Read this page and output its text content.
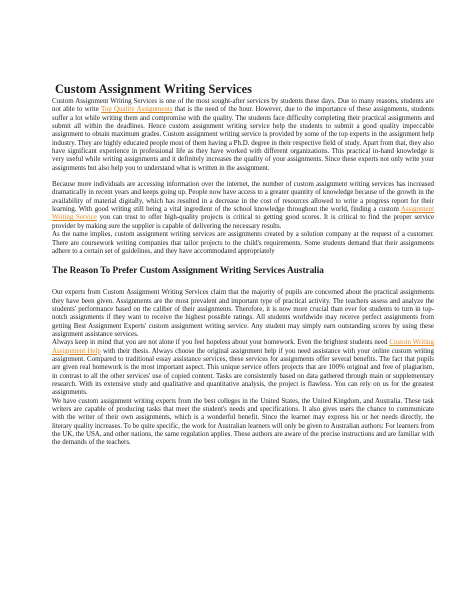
Custom Assignment Writing Services

Custom Assignment Writing Services is one of the most sought-after services by students these days. Due to many reasons, students are not able to write Top Quality Assignments that is the need of the hour. However, due to the importance of these assignments, students suffer a lot while writing them and compromise with the quality. The students face difficulty completing their practical assignments and submit all within the deadlines. Hence custom assignment writing service help the students to submit a good quality impeccable assignment to obtain maximum grades. Custom assignment writing service is provided by some of the top experts in the assignment help industry. They are highly educated people most of them having a Ph.D. degree in their respective field of study. Apart from that, they also have significant experience in professional life as they have worked with different organizations. This practical in-hand knowledge is very useful while writing assignments and it definitely increases the quality of your assignments. Since these experts not only write your assignments but also help you to understand what is written in the assignment.

Because more individuals are accessing information over the internet, the number of custom assignment writing services has increased dramatically in recent years and keeps going up. People now have access to a greater quantity of knowledge because of the growth in the availability of material digitally, which has resulted in a decrease in the cost of resources allowed to write a progress report for their learning. With good writing still being a vital ingredient of the school knowledge throughout the world, finding a custom Assignment Writing Service you can trust to offer high-quality projects is critical to getting good scores. It is critical to find the proper service provider by making sure the supplier is capable of delivering the necessary results.

As the name implies, custom assignment writing services are assignments created by a solution company at the request of a customer. There are coursework writing companies that tailor projects to the child's requirements. Some students demand that their assignments adhere to a certain set of guidelines, and they have accommodated appropriately

The Reason To Prefer Custom Assignment Writing Services Australia

Our experts from Custom Assignment Writing Services claim that the majority of pupils are concerned about the practical assignments they have been given. Assignments are the most prevalent and important type of practical activity. The teachers assess and analyze the students' performance based on the caliber of their assignments. Therefore, it is now more crucial than ever for students to turn in top-notch assignments if they want to receive the highest possible ratings. All students worldwide may receive perfect assignments from getting Best Assignment Experts' custom assignment writing service. Any student may simply earn outstanding scores by using these assignment assistance services.

Always keep in mind that you are not alone if you feel hopeless about your homework. Even the brightest students need Custom Writing Assignment Help with their thesis. Always choose the original assignment help if you need assistance with your online custom writing assignment. Compared to traditional essay assistance services, these services for assignments offer several benefits. The fact that pupils are given real homework is the most important aspect. This unique service offers projects that are 100% original and free of plagiarism, in contrast to all the other services' use of copied content. Tasks are consistently based on data gathered through main or supplementary research. With its extensive study and qualitative and quantitative analysis, the project is flawless. You can rely on us for the greatest assignments.

We have custom assignment writing experts from the best colleges in the United States, the United Kingdom, and Australia. These task writers are capable of producing tasks that meet the student's needs and specifications. It also gives users the chance to communicate with the writer of their own assignments, which is a wonderful benefit. Since the learner may express his or her needs directly, the literary quality increases. To be quite specific, the work for Australian learners will only be given to Australian authors: For learners from the UK, the USA, and other nations, the same regulation applies. These authors are aware of the precise instructions and are familiar with the demands of the teachers.
